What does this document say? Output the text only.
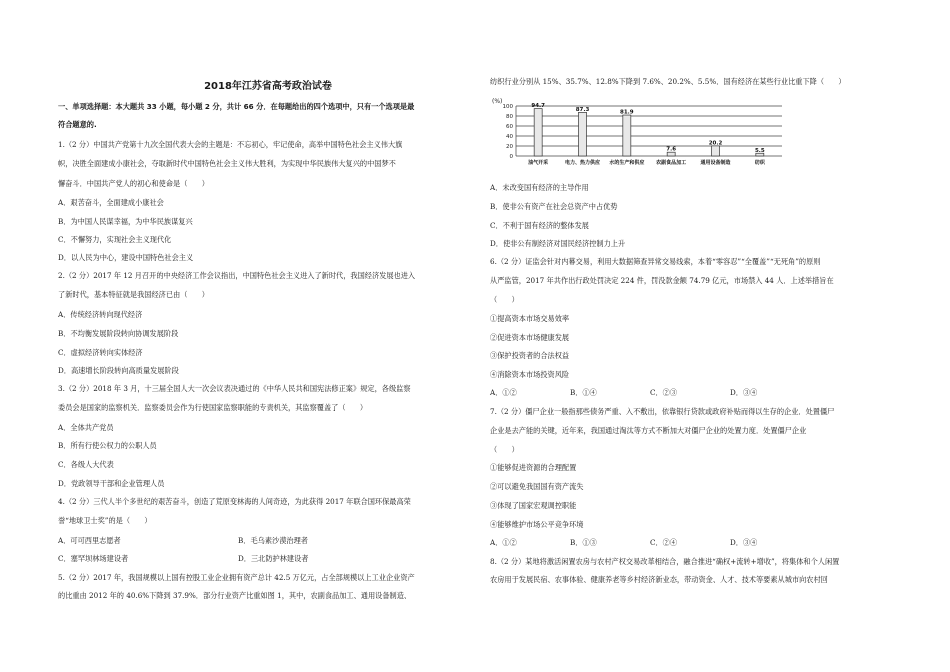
2018年江苏省高考政治试卷
一、单项选择题：本大题共 33 小题，每小题 2 分，共计 66 分．在每题给出的四个选项中，只有一个选项是最
符合题意的.
1.（2 分）中国共产党第十九次全国代表大会的主题是：不忘初心，牢记使命，高举中国特色社会主义伟大旗
帜，决胜全面建成小康社会，夺取新时代中国特色社会主义伟大胜利，为实现中华民族伟大复兴的中国梦不
懈奋斗．中国共产党人的初心和使命是（　　）
A．艰苦奋斗，全面建成小康社会
B．为中国人民谋幸福，为中华民族谋复兴
C．不懈努力，实现社会主义现代化
D．以人民为中心，建设中国特色社会主义
2.（2 分）2017 年 12 月召开的中央经济工作会议指出，中国特色社会主义进入了新时代，我国经济发展也进入
了新时代，基本特征就是我国经济已由（　　）
A．传统经济转向现代经济
B．不均衡发展阶段转向协调发展阶段
C．虚拟经济转向实体经济
D．高速增长阶段转向高质量发展阶段
3.（2 分）2018 年 3 月，十三届全国人大一次会议表决通过的《中华人民共和国宪法修正案》规定，各级监察
委员会是国家的监察机关．监察委员会作为行使国家监察职能的专责机关，其监察覆盖了（　　）
A．全体共产党员
B．所有行使公权力的公职人员
C．各级人大代表
D．党政领导干部和企业管理人员
4.（2 分）三代人半个多世纪的艰苦奋斗，创造了荒原变林海的人间奇迹，为此获得 2017 年联合国环保最高荣
誉“地球卫士奖”的是（　　）
A．可可西里志愿者	B．毛乌素沙漠治理者
C．塞罕坝林场建设者	D．三北防护林建设者
5.（2 分）2017 年，我国规模以上国有控股工业企业拥有资产总计 42.5 万亿元，占全部规模以上工业企业资产
的比重由 2012 年的 40.6%下降到 37.9%．部分行业资产比重如图 1，其中，农副食品加工、通用设备制造、
纺织行业分别从 15%、35.7%、12.8%下降到 7.6%、20.2%、5.5%．国有经济在某些行业比重下降（　　）
(%)
100
80
60
40
20
0
94.7
油气开采
87.3
电力、热力供应
81.9
水的生产和供应
7.6
农副食品加工
20.2
通用设备制造
5.5
纺织
A．未改变国有经济的主导作用
B．使非公有资产在社会总资产中占优势
C．不利于国有经济的整体发展
D．使非公有制经济对国民经济控制力上升
6.（2 分）证监会针对内幕交易，利用大数据筛查异常交易线索，本着“零容忍”“全覆盖”“无死角”的原则
从严监管，2017 年共作出行政处罚决定 224 件，罚没款金额 74.79 亿元，市场禁入 44 人．上述举措旨在
（　　）
①提高资本市场交易效率
②促进资本市场健康发展
③保护投资者的合法权益
④消除资本市场投资风险
A．①②	B．①④	C．②③	D．③④
7.（2 分）僵尸企业一般指那些债务严重、入不敷出，依靠银行贷款或政府补贴而得以生存的企业．处置僵尸
企业是去产能的关键，近年来，我国通过淘汰等方式不断加大对僵尸企业的处置力度．处置僵尸企业
（　　）
①能够促进资源的合理配置
②可以避免我国国有资产流失
③体现了国家宏观调控职能
④能够维护市场公平竞争环境
A．①②	B．①③	C．②④	D．③④
8.（2 分）某地将激活闲置农房与农村产权交易改革相结合，融合推进“确权+流转+增收”，将集体和个人闲置
农房用于发展民宿、农事体验、健康养老等乡村经济新业态，带动资金、人才、技术等要素从城市向农村回
